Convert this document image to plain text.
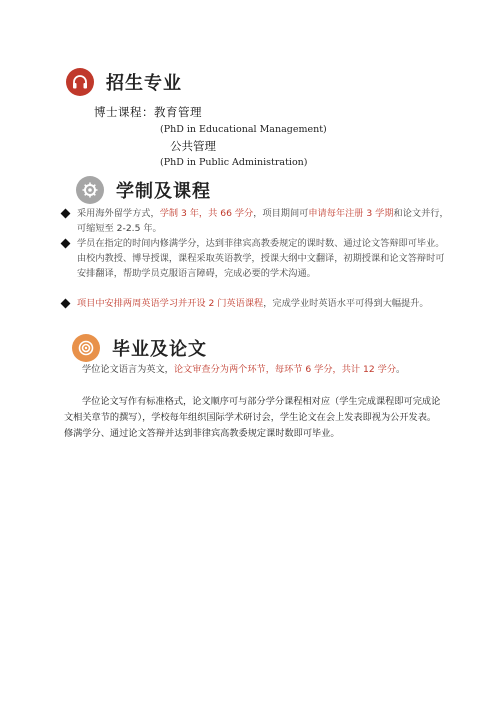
招生专业
博士课程：教育管理
(PhD in Educational Management)
公共管理
(PhD in Public Administration)
学制及课程
采用海外留学方式，学制 3 年，共 66 学分，项目期间可申请每年注册 3 学期和论文并行，可缩短至 2-2.5 年。
学员在指定的时间内修满学分，达到菲律宾高教委规定的课时数、通过论文答辩即可毕业。由校内教授、博导授课，课程采取英语教学，授课大纲中文翻译，初期授课和论文答辩时可安排翻译，帮助学员克服语言障碍，完成必要的学术沟通。
项目中安排两周英语学习并开设 2 门英语课程，完成学业时英语水平可得到大幅提升。
毕业及论文
学位论文语言为英文，论文审查分为两个环节，每环节 6 学分，共计 12 学分。
学位论文写作有标准格式，论文顺序可与部分学分课程相对应（学生完成课程即可完成论文相关章节的撰写），学校每年组织国际学术研讨会，学生论文在会上发表即视为公开发表。修满学分、通过论文答辩并达到菲律宾高教委规定课时数即可毕业。
